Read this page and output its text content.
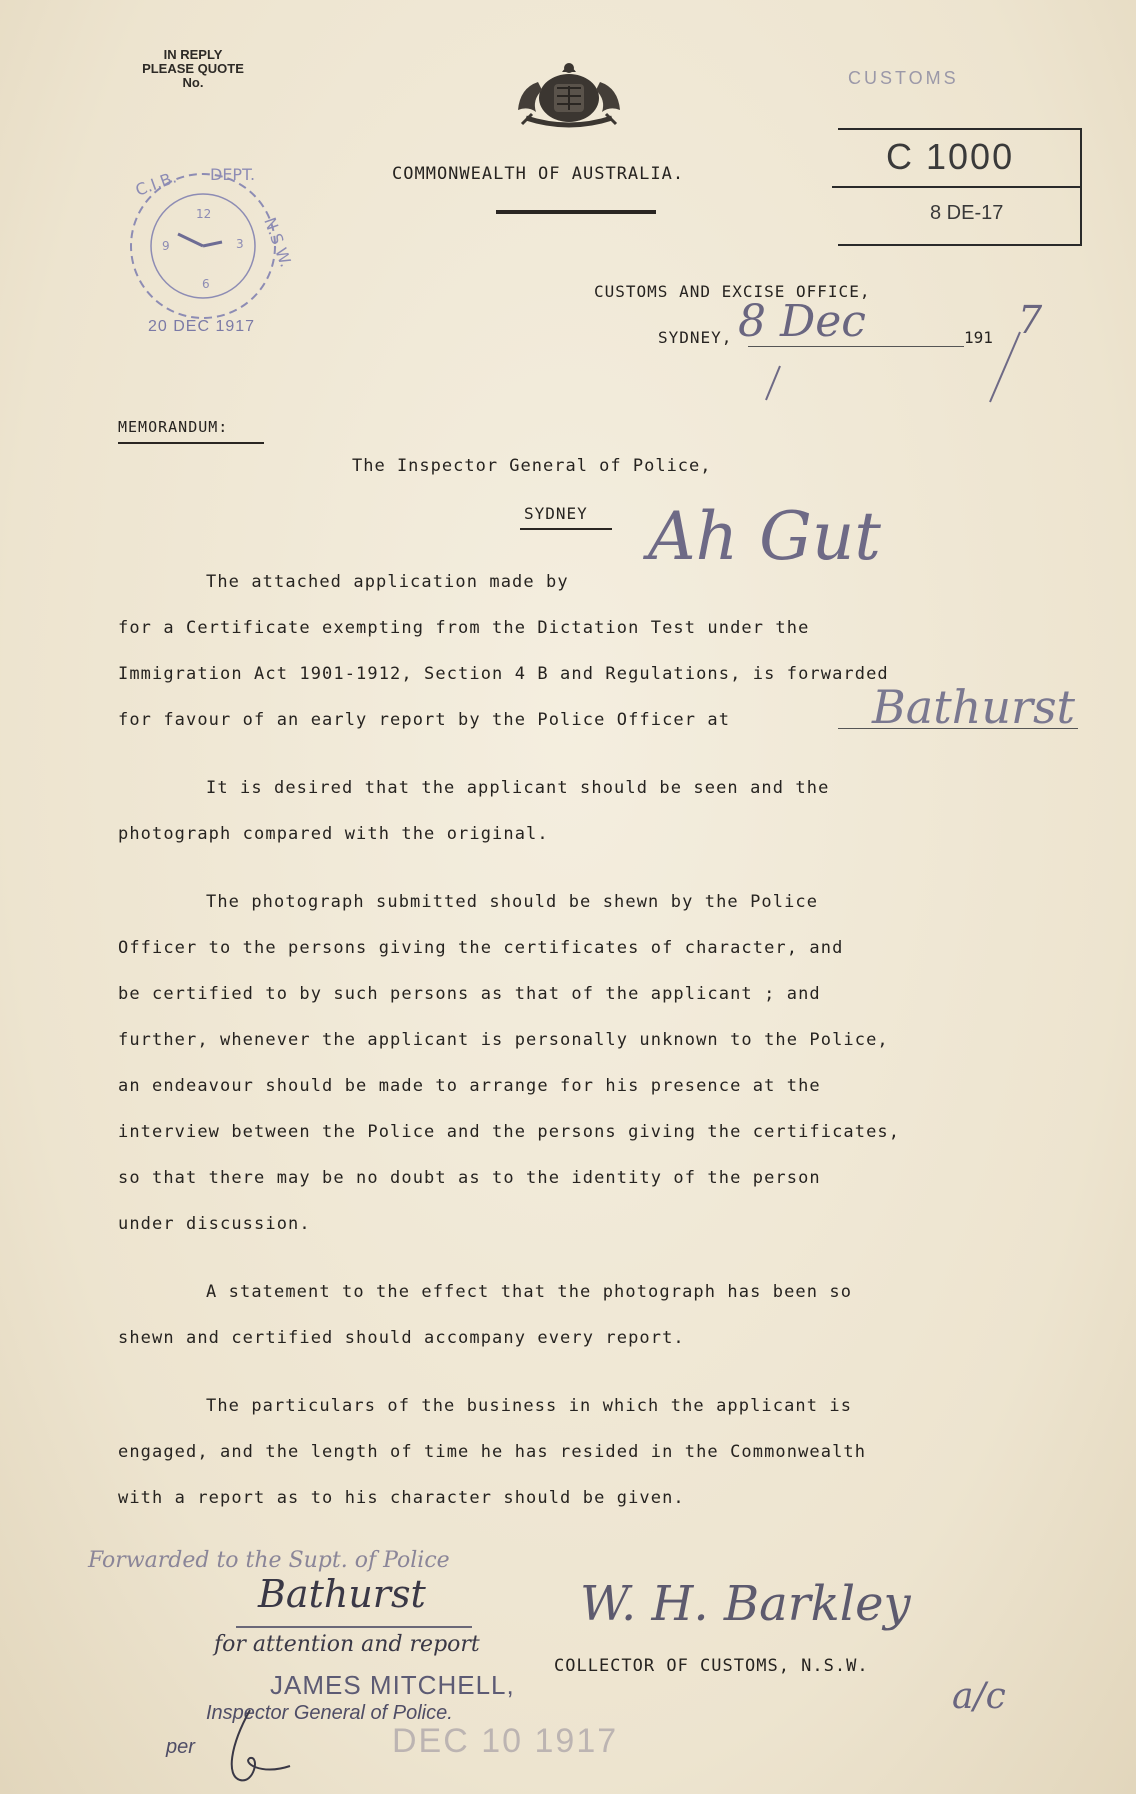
IN REPLY
PLEASE QUOTE
No.
COMMONWEALTH OF AUSTRALIA.
C.I.B. DEPT.
N.S.W.
12
3
6
9
20 DEC 1917
CUSTOMS
C 1000
8 DE-17
CUSTOMS AND EXCISE OFFICE,
SYDNEY, 8 Dec	191 7
MEMORANDUM:
The Inspector General of Police,
SYDNEY
The attached application made by
Ah Gut
for a Certificate exempting from the Dictation Test under the
Immigration Act 1901-1912, Section 4 B and Regulations, is forwarded
for favour of an early report by the Police Officer at	Bathurst
It is desired that the applicant should be seen and the
photograph compared with the original.
The photograph submitted should be shewn by the Police
Officer to the persons giving the certificates of character, and
be certified to by such persons as that of the applicant ; and
further, whenever the applicant is personally unknown to the Police,
an endeavour should be made to arrange for his presence at the
interview between the Police and the persons giving the certificates,
so that there may be no doubt as to the identity of the person
under discussion.
A statement to the effect that the photograph has been so
shewn and certified should accompany every report.
The particulars of the business in which the applicant is
engaged, and the length of time he has resided in the Commonwealth
with a report as to his character should be given.
Forwarded to the Supt. of Police
Bathurst
for attention and report
JAMES MITCHELL,
Inspector General of Police.
per	DEC 10 1917
W. H. Barkley
COLLECTOR OF CUSTOMS, N.S.W.
a/c
